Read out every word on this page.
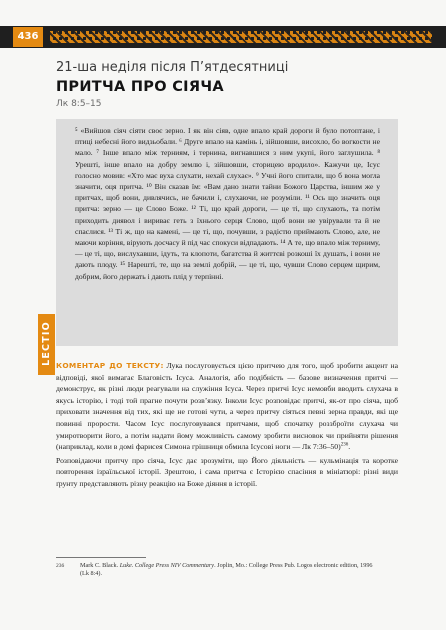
436
21-ша неділя після П’ятдесятниці
ПРИТЧА ПРО СІЯЧА
Лк 8:5–15
⁵ «Вийшов сіяч сіяти своє зерно. І як він сіяв, одне впало край дороги й було потоптане, і птиці небесні його видзьобали. ⁶ Друге впало на камінь і, зійшовши, висохло, бо вогкости не мало. ⁷ Інше впало між терниям, і тернина, вигнавшися з ним укупі, його заглушила. ⁸ Урешті, інше впало на добру землю і, зійшовши, сторицею вродило». Кажучи це, Ісус голосно мовив: «Хто має вуха слухати, нехай слухає». ⁹ Учні його спитали, що б вона могла значити, оця притча. ¹⁰ Він сказав їм: «Вам дано знати тайни Божого Царства, іншим же у притчах, щоб вони, дивлячись, не бачили і, слухаючи, не розуміли. ¹¹ Ось що значить оця притча: зерно — це Слово Боже. ¹² Ті, що край дороги, — це ті, що слухають, та потім приходить диявол і вириває геть з їхнього серця Слово, щоб вони не увірували та й не спаслися. ¹³ Ті ж, що на камені, — це ті, що, почувши, з радістю приймають Слово, але, не маючи коріння, вірують досчасу й під час спокуси відпадають. ¹⁴ А те, що впало між терниму, — це ті, що, вислухавши, ідуть, та клопоти, багатства й життєві розкоші їх душать, і вони не дають плоду. ¹⁵ Нарешті, те, що на землі добрій, — це ті, що, чувши Слово серцем щирим, добрим, його держать і дають плід у терпінні.
LECTIO КОМЕНТАР ДО ТЕКСТУ: Лука послуговується цією притчею для того, щоб зробити акцент на відповіді, якої вимагає Благовість Ісуса. Аналогія, або подібність — базове визначення притчі — демонструє, як різні люди реагували на служіння Ісуса. Через притчі Ісус немовби вводить слухача в якусь історію, і тоді той прагне почути розв’язку. Інколи Ісус розповідає притчі, як-от про сіяча, щоб приховати значення від тих, які ще не готові чути, а через притчу сіяться певні зерна правди, які ще повинні прорости. Часом Ісус послуговувався притчами, щоб спочатку роззброїти слухача чи умиротворити його, а потім надати йому можливість самому зробити висновок чи прийняти рішення (наприклад, коли в домі фарисея Симона грішниця обмила Ісусові ноги — Лк 7:36–50)$^{236}$.

Розповідаючи притчу про сіяча, Ісус дає зрозуміти, що Його діяльність — кульмінація та коротке повторення ізраїльської історії. Зрештою, і сама притча є Історією спасіння в мініатюрі: різні види ґрунту представляють різну реакцію на Боже діяння в історії.

236	Mark C. Black. Luke. College Press NIV Commentary. Joplin, Mo.: College Press Pub. Logos electronic edition, 1996 (Lk 8:4).
